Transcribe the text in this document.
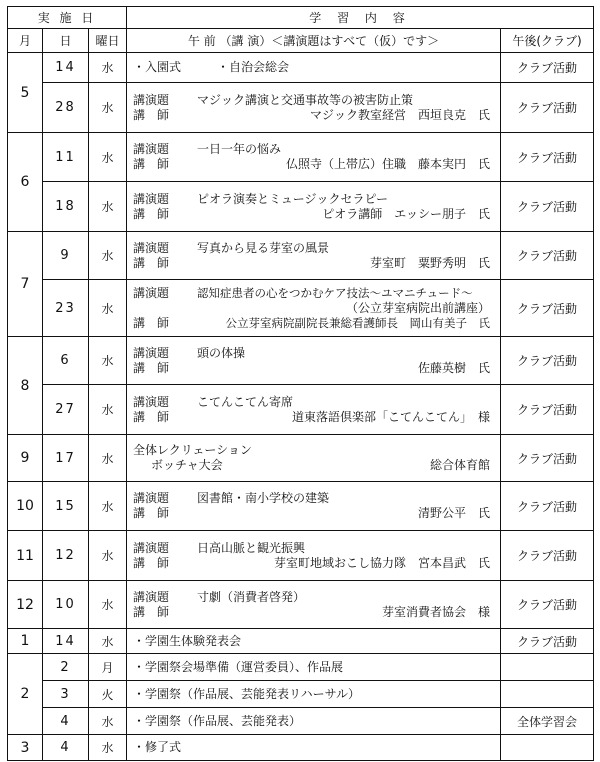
実 施 日			学 習 内 容	
月	日	曜日	午 前 （講 演）＜講演題はすべて（仮）です＞	午後(クラブ)
5	14	水	・入園式　　　・自治会総会	クラブ活動
	28	水	講演題 マジック講演と交通事故等の被害防止策
講　師 マジック教室経営　西垣良克　氏	クラブ活動
6	11	水	講演題 一日一年の悩み
講　師 仏照寺（上帯広）住職　藤本実円　氏	クラブ活動
	18	水	講演題 ピオラ演奏とミュージックセラピー
講　師 ピオラ講師　エッシー朋子　氏	クラブ活動
7	9	水	講演題 写真から見る芽室の風景
講　師 芽室町　粟野秀明　氏	クラブ活動
	23	水	講演題 認知症患者の心をつかむケア技法～ユマニチュード～
（公立芽室病院出前講座）
講　師 公立芽室病院副院長兼総看護師長　岡山有美子　氏	クラブ活動
8	6	水	講演題 頭の体操
講　師 佐藤英樹　氏	クラブ活動
	27	水	講演題 こてんこてん寄席
講　師 道東落語倶楽部「こてんこてん」　様	クラブ活動
9	17	水	全体レクリェーション
ボッチャ大会 総合体育館	クラブ活動
10	15	水	講演題 図書館・南小学校の建築
講　師 清野公平　氏	クラブ活動
11	12	水	講演題 日高山脈と観光振興
講　師 芽室町地域おこし協力隊　宮本昌武　氏	クラブ活動
12	10	水	講演題 寸劇（消費者啓発）
講　師 芽室消費者協会　様	クラブ活動
1	14	水	・学園生体験発表会	クラブ活動
2	2	月	・学園祭会場準備（運営委員）、作品展	

	3	火	・学園祭（作品展、芸能発表リハーサル）	

	4	水	・学園祭（作品展、芸能発表）	全体学習会
3	4	水	・修了式	
